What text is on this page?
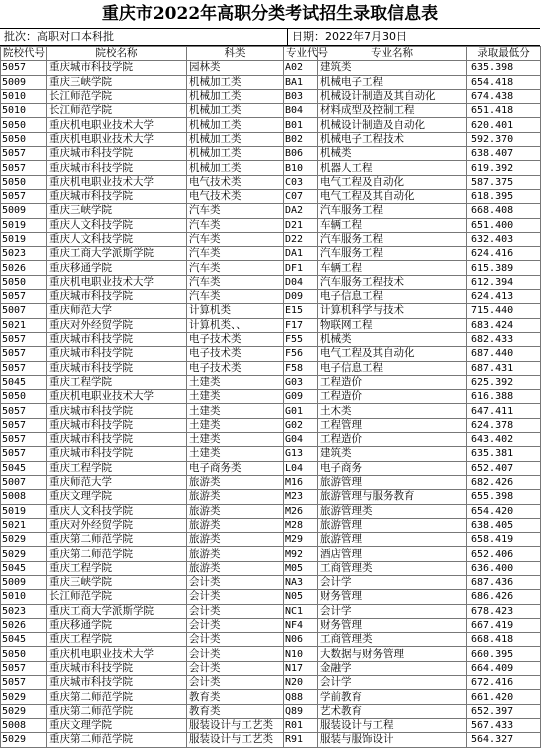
重庆市2022年高职分类考试招生录取信息表
批次：高职对口本科批	日期：2022年7月30日
院校代号	院校名称	科类	专业代号	专业名称	录取最低分
5057	重庆城市科技学院	园林类	A02	建筑类	635.398
5009	重庆三峡学院	机械加工类	BA1	机械电子工程	654.418
5010	长江师范学院	机械加工类	B03	机械设计制造及其自动化	674.438
5010	长江师范学院	机械加工类	B04	材料成型及控制工程	651.418
5050	重庆机电职业技术大学	机械加工类	B01	机械设计制造及自动化	620.401
5050	重庆机电职业技术大学	机械加工类	B02	机械电子工程技术	592.370
5057	重庆城市科技学院	机械加工类	B06	机械类	638.407
5057	重庆城市科技学院	机械加工类	B10	机器人工程	619.392
5050	重庆机电职业技术大学	电气技术类	C03	电气工程及自动化	587.375
5057	重庆城市科技学院	电气技术类	C07	电气工程及其自动化	618.395
5009	重庆三峡学院	汽车类	DA2	汽车服务工程	668.408
5019	重庆人文科技学院	汽车类	D21	车辆工程	651.400
5019	重庆人文科技学院	汽车类	D22	汽车服务工程	632.403
5023	重庆工商大学派斯学院	汽车类	DA1	汽车服务工程	624.416
5026	重庆移通学院	汽车类	DF1	车辆工程	615.389
5050	重庆机电职业技术大学	汽车类	D04	汽车服务工程技术	612.394
5057	重庆城市科技学院	汽车类	D09	电子信息工程	624.413
5007	重庆师范大学	计算机类	E15	计算机科学与技术	715.440
5021	重庆对外经贸学院	计算机类、、	F17	物联网工程	683.424
5057	重庆城市科技学院	电子技术类	F55	机械类	682.433
5057	重庆城市科技学院	电子技术类	F56	电气工程及其自动化	687.440
5057	重庆城市科技学院	电子技术类	F58	电子信息工程	687.431
5045	重庆工程学院	土建类	G03	工程造价	625.392
5050	重庆机电职业技术大学	土建类	G09	工程造价	616.388
5057	重庆城市科技学院	土建类	G01	土木类	647.411
5057	重庆城市科技学院	土建类	G02	工程管理	624.378
5057	重庆城市科技学院	土建类	G04	工程造价	643.402
5057	重庆城市科技学院	土建类	G13	建筑类	635.381
5045	重庆工程学院	电子商务类	L04	电子商务	652.407
5007	重庆师范大学	旅游类	M16	旅游管理	682.426
5008	重庆文理学院	旅游类	M23	旅游管理与服务教育	655.398
5019	重庆人文科技学院	旅游类	M26	旅游管理类	654.420
5021	重庆对外经贸学院	旅游类	M28	旅游管理	638.405
5029	重庆第二师范学院	旅游类	M29	旅游管理	658.419
5029	重庆第二师范学院	旅游类	M92	酒店管理	652.406
5045	重庆工程学院	旅游类	M05	工商管理类	636.400
5009	重庆三峡学院	会计类	NA3	会计学	687.436
5010	长江师范学院	会计类	N05	财务管理	686.426
5023	重庆工商大学派斯学院	会计类	NC1	会计学	678.423
5026	重庆移通学院	会计类	NF4	财务管理	667.419
5045	重庆工程学院	会计类	N06	工商管理类	668.418
5050	重庆机电职业技术大学	会计类	N10	大数据与财务管理	660.395
5057	重庆城市科技学院	会计类	N17	金融学	664.409
5057	重庆城市科技学院	会计类	N20	会计学	672.416
5029	重庆第二师范学院	教育类	Q88	学前教育	661.420
5029	重庆第二师范学院	教育类	Q89	艺术教育	652.397
5008	重庆文理学院	服装设计与工艺类	R01	服装设计与工程	567.433
5029	重庆第二师范学院	服装设计与工艺类	R91	服装与服饰设计	564.327
